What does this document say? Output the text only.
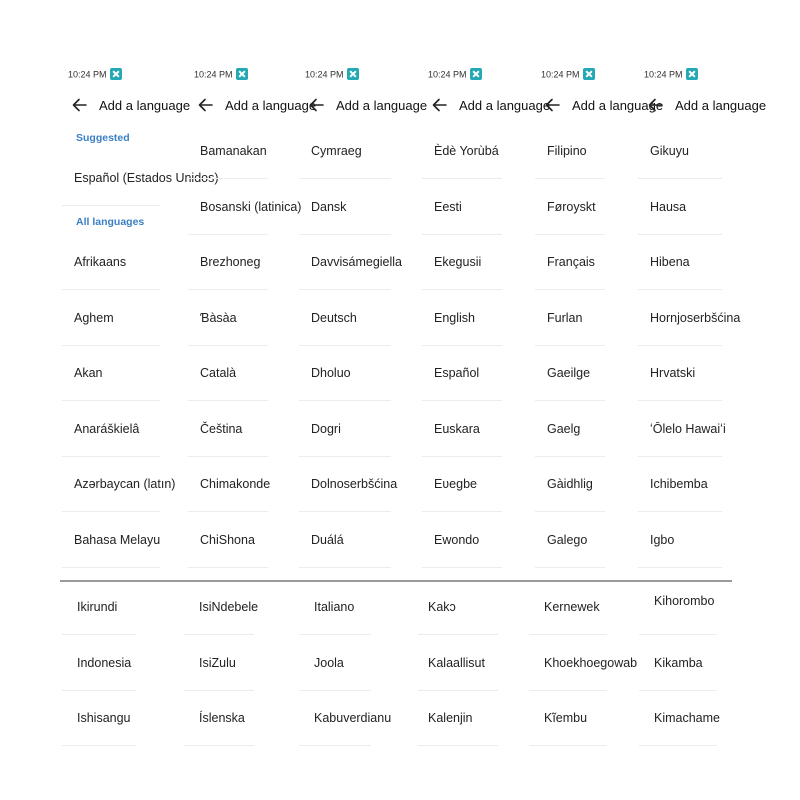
10:24 PM
Add a language
Suggested
Español (Estados Unidos)
All languages
Afrikaans
Aghem
Akan
Anaráškielâ
Azərbaycan (latın)
Bahasa Melayu
10:24 PM
Add a language
Bamanakan
Bosanski (latinica)
Brezhoneg
Ɓàsàa
Català
Čeština
Chimakonde
ChiShona
10:24 PM
Add a language
Cymraeg
Dansk
Davvisámegiella
Deutsch
Dholuo
Dogri
Dolnoserbšćina
Duálá
10:24 PM
Add a language
Èdè Yorùbá
Eesti
Ekegusii
English
Español
Euskara
Eʋegbe
Ewondo
10:24 PM
Add a language
Filipino
Føroyskt
Français
Furlan
Gaeilge
Gaelg
Gàidhlig
Galego
10:24 PM
Add a language
Gikuyu
Hausa
Hibena
Hornjoserbšćina
Hrvatski
ʻŌlelo Hawaiʻi
Ichibemba
Igbo
Ikirundi
Indonesia
Ishisangu
IsiNdebele
IsiZulu
Íslenska
Italiano
Joola
Kabuverdianu
Kakɔ
Kalaallisut
Kalenjin
Kernewek
Khoekhoegowab
Kĩembu
Kihorombo
Kikamba
Kimachame
